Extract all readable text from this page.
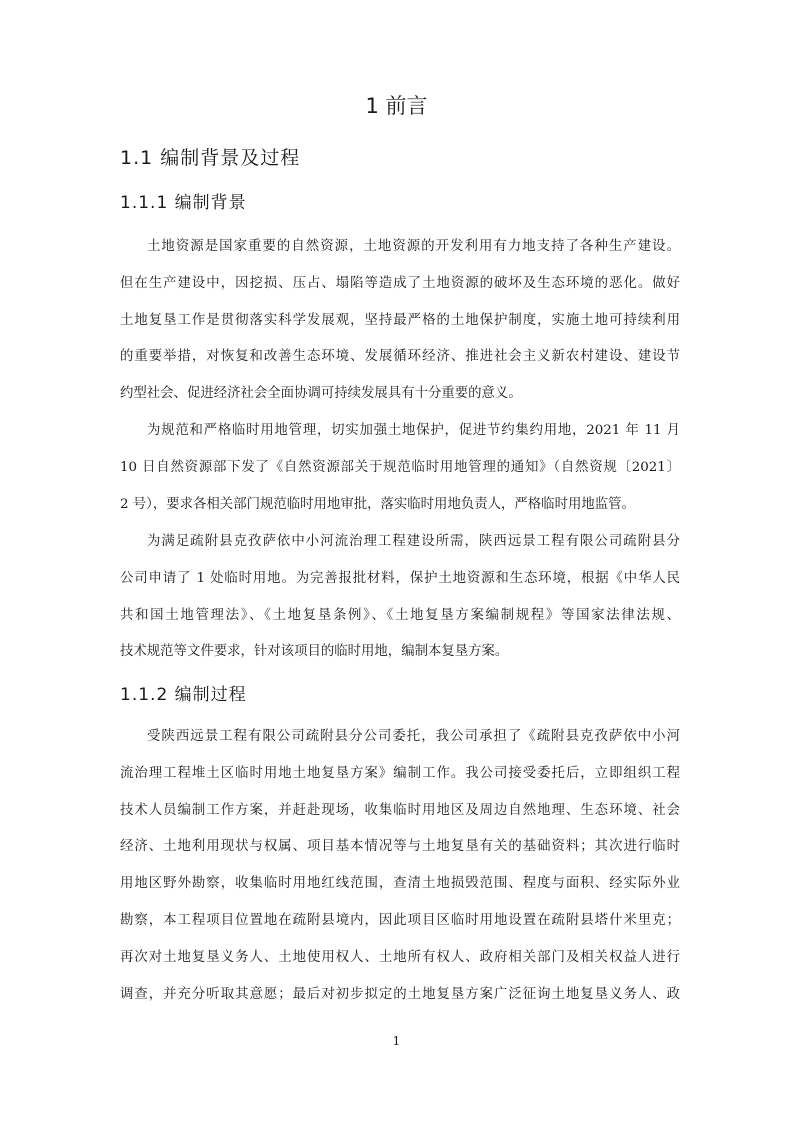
1 前言
1.1 编制背景及过程
1.1.1 编制背景
土地资源是国家重要的自然资源，土地资源的开发利用有力地支持了各种生产建设。
但在生产建设中，因挖损、压占、塌陷等造成了土地资源的破坏及生态环境的恶化。做好
土地复垦工作是贯彻落实科学发展观，坚持最严格的土地保护制度，实施土地可持续利用
的重要举措，对恢复和改善生态环境、发展循环经济、推进社会主义新农村建设、建设节
约型社会、促进经济社会全面协调可持续发展具有十分重要的意义。
为规范和严格临时用地管理，切实加强土地保护，促进节约集约用地，2021 年 11 月
10 日自然资源部下发了《自然资源部关于规范临时用地管理的通知》（自然资规〔2021〕
2 号），要求各相关部门规范临时用地审批，落实临时用地负责人，严格临时用地监管。
为满足疏附县克孜萨依中小河流治理工程建设所需，陕西远景工程有限公司疏附县分
公司申请了 1 处临时用地。为完善报批材料，保护土地资源和生态环境，根据《中华人民
共和国土地管理法》、《土地复垦条例》、《土地复垦方案编制规程》等国家法律法规、
技术规范等文件要求，针对该项目的临时用地，编制本复垦方案。
1.1.2 编制过程
受陕西远景工程有限公司疏附县分公司委托，我公司承担了《疏附县克孜萨依中小河
流治理工程堆土区临时用地土地复垦方案》编制工作。我公司接受委托后，立即组织工程
技术人员编制工作方案，并赶赴现场，收集临时用地区及周边自然地理、生态环境、社会
经济、土地利用现状与权属、项目基本情况等与土地复垦有关的基础资料；其次进行临时
用地区野外勘察，收集临时用地红线范围，查清土地损毁范围、程度与面积、经实际外业
勘察，本工程项目位置地在疏附县境内，因此项目区临时用地设置在疏附县塔什米里克；
再次对土地复垦义务人、土地使用权人、土地所有权人、政府相关部门及相关权益人进行
调查，并充分听取其意愿；最后对初步拟定的土地复垦方案广泛征询土地复垦义务人、政
1
